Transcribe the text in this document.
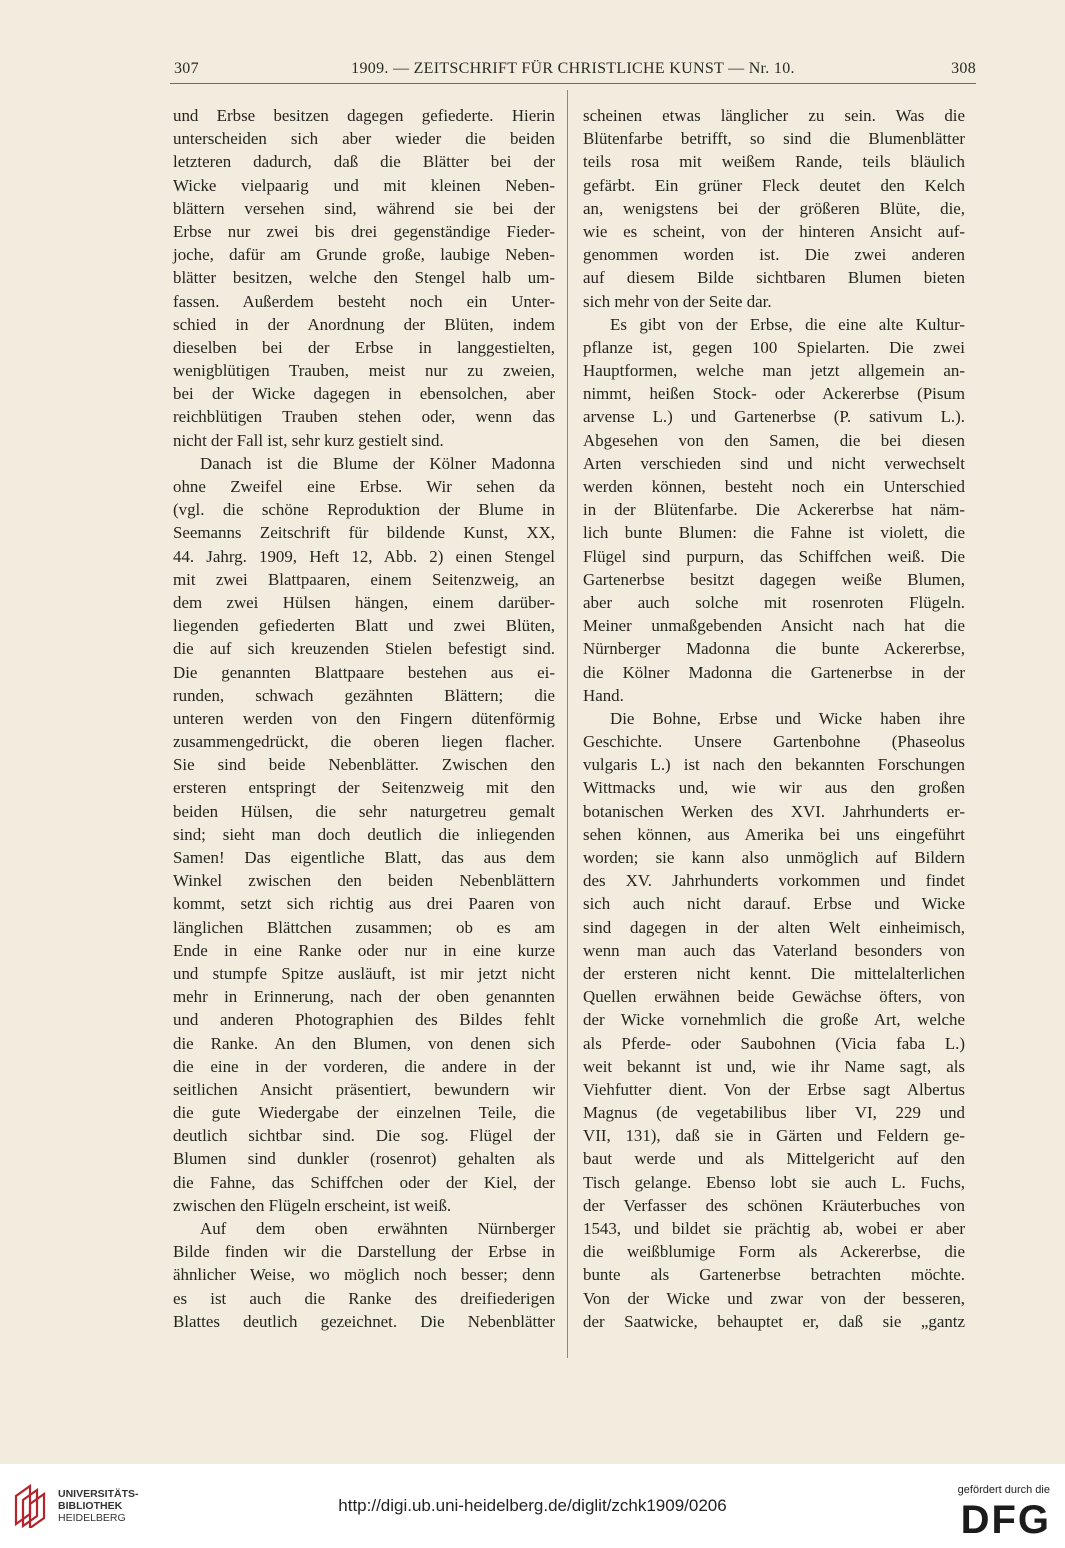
307	1909. — ZEITSCHRIFT FÜR CHRISTLICHE KUNST — Nr. 10.	308
und Erbse besitzen dagegen gefiederte. Hierin
unterscheiden sich aber wieder die beiden
letzteren dadurch, daß die Blätter bei der
Wicke vielpaarig und mit kleinen Neben-
blättern versehen sind, während sie bei der
Erbse nur zwei bis drei gegenständige Fieder-
joche, dafür am Grunde große, laubige Neben-
blätter besitzen, welche den Stengel halb um-
fassen. Außerdem besteht noch ein Unter-
schied in der Anordnung der Blüten, indem
dieselben bei der Erbse in langgestielten,
wenigblütigen Trauben, meist nur zu zweien,
bei der Wicke dagegen in ebensolchen, aber
reichblütigen Trauben stehen oder, wenn das
nicht der Fall ist, sehr kurz gestielt sind.
Danach ist die Blume der Kölner Madonna
ohne Zweifel eine Erbse. Wir sehen da
(vgl. die schöne Reproduktion der Blume in
Seemanns Zeitschrift für bildende Kunst, XX,
44. Jahrg. 1909, Heft 12, Abb. 2) einen Stengel
mit zwei Blattpaaren, einem Seitenzweig, an
dem zwei Hülsen hängen, einem darüber-
liegenden gefiederten Blatt und zwei Blüten,
die auf sich kreuzenden Stielen befestigt sind.
Die genannten Blattpaare bestehen aus ei-
runden, schwach gezähnten Blättern; die
unteren werden von den Fingern dütenförmig
zusammengedrückt, die oberen liegen flacher.
Sie sind beide Nebenblätter. Zwischen den
ersteren entspringt der Seitenzweig mit den
beiden Hülsen, die sehr naturgetreu gemalt
sind; sieht man doch deutlich die inliegenden
Samen! Das eigentliche Blatt, das aus dem
Winkel zwischen den beiden Nebenblättern
kommt, setzt sich richtig aus drei Paaren von
länglichen Blättchen zusammen; ob es am
Ende in eine Ranke oder nur in eine kurze
und stumpfe Spitze ausläuft, ist mir jetzt nicht
mehr in Erinnerung, nach der oben genannten
und anderen Photographien des Bildes fehlt
die Ranke. An den Blumen, von denen sich
die eine in der vorderen, die andere in der
seitlichen Ansicht präsentiert, bewundern wir
die gute Wiedergabe der einzelnen Teile, die
deutlich sichtbar sind. Die sog. Flügel der
Blumen sind dunkler (rosenrot) gehalten als
die Fahne, das Schiffchen oder der Kiel, der
zwischen den Flügeln erscheint, ist weiß.
Auf dem oben erwähnten Nürnberger
Bilde finden wir die Darstellung der Erbse in
ähnlicher Weise, wo möglich noch besser; denn
es ist auch die Ranke des dreifiederigen
Blattes deutlich gezeichnet. Die Nebenblätter
scheinen etwas länglicher zu sein. Was die
Blütenfarbe betrifft, so sind die Blumenblätter
teils rosa mit weißem Rande, teils bläulich
gefärbt. Ein grüner Fleck deutet den Kelch
an, wenigstens bei der größeren Blüte, die,
wie es scheint, von der hinteren Ansicht auf-
genommen worden ist. Die zwei anderen
auf diesem Bilde sichtbaren Blumen bieten
sich mehr von der Seite dar.
Es gibt von der Erbse, die eine alte Kultur-
pflanze ist, gegen 100 Spielarten. Die zwei
Hauptformen, welche man jetzt allgemein an-
nimmt, heißen Stock- oder Ackererbse (Pisum
arvense L.) und Gartenerbse (P. sativum L.).
Abgesehen von den Samen, die bei diesen
Arten verschieden sind und nicht verwechselt
werden können, besteht noch ein Unterschied
in der Blütenfarbe. Die Ackererbse hat näm-
lich bunte Blumen: die Fahne ist violett, die
Flügel sind purpurn, das Schiffchen weiß. Die
Gartenerbse besitzt dagegen weiße Blumen,
aber auch solche mit rosenroten Flügeln.
Meiner unmaßgebenden Ansicht nach hat die
Nürnberger Madonna die bunte Ackererbse,
die Kölner Madonna die Gartenerbse in der
Hand.
Die Bohne, Erbse und Wicke haben ihre
Geschichte. Unsere Gartenbohne (Phaseolus
vulgaris L.) ist nach den bekannten Forschungen
Wittmacks und, wie wir aus den großen
botanischen Werken des XVI. Jahrhunderts er-
sehen können, aus Amerika bei uns eingeführt
worden; sie kann also unmöglich auf Bildern
des XV. Jahrhunderts vorkommen und findet
sich auch nicht darauf. Erbse und Wicke
sind dagegen in der alten Welt einheimisch,
wenn man auch das Vaterland besonders von
der ersteren nicht kennt. Die mittelalterlichen
Quellen erwähnen beide Gewächse öfters, von
der Wicke vornehmlich die große Art, welche
als Pferde- oder Saubohnen (Vicia faba L.)
weit bekannt ist und, wie ihr Name sagt, als
Viehfutter dient. Von der Erbse sagt Albertus
Magnus (de vegetabilibus liber VI, 229 und
VII, 131), daß sie in Gärten und Feldern ge-
baut werde und als Mittelgericht auf den
Tisch gelange. Ebenso lobt sie auch L. Fuchs,
der Verfasser des schönen Kräuterbuches von
1543, und bildet sie prächtig ab, wobei er aber
die weißblumige Form als Ackererbse, die
bunte als Gartenerbse betrachten möchte.
Von der Wicke und zwar von der besseren,
der Saatwicke, behauptet er, daß sie „gantz
UNIVERSITÄTS-
BIBLIOTHEK
HEIDELBERG
http://digi.ub.uni-heidelberg.de/diglit/zchk1909/0206
gefördert durch die
DFG
